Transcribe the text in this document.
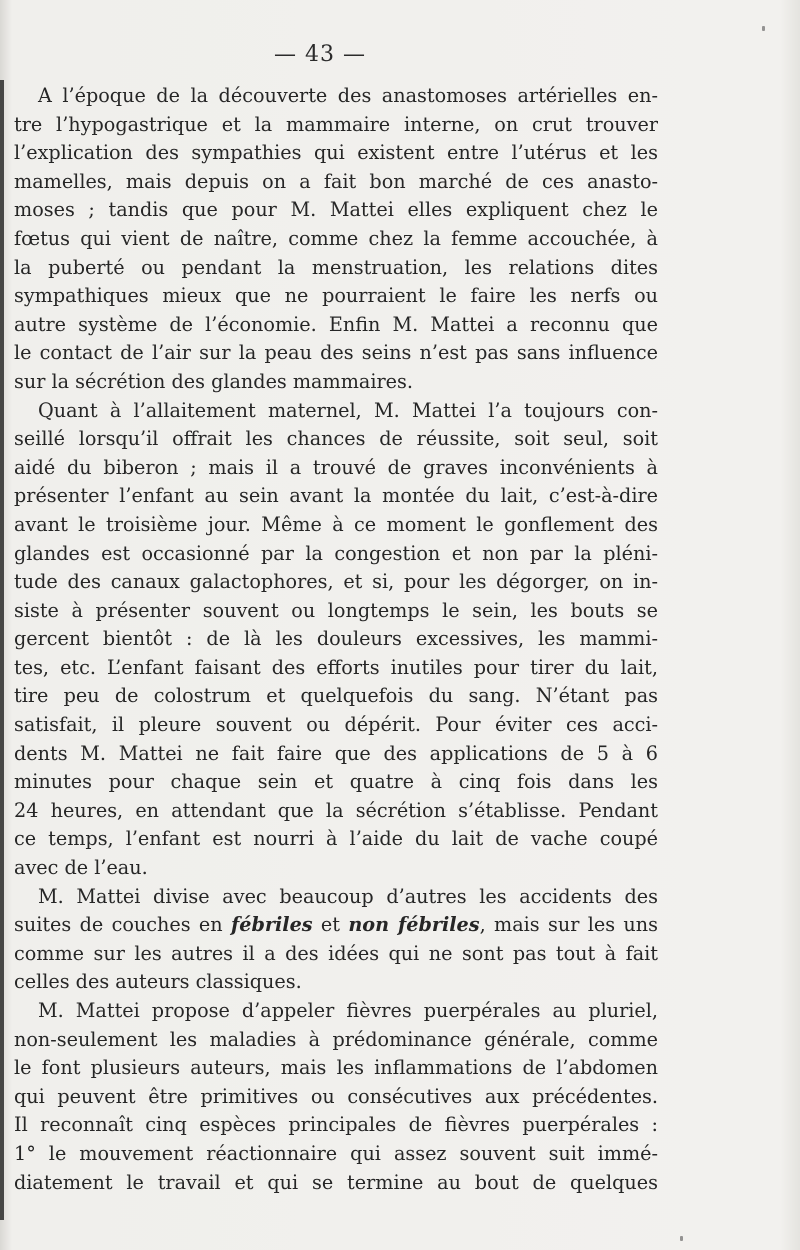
— 43 —
A l’époque de la découverte des anastomoses artérielles en-
tre l’hypogastrique et la mammaire interne, on crut trouver
l’explication des sympathies qui existent entre l’utérus et les
mamelles, mais depuis on a fait bon marché de ces anasto-
moses ; tandis que pour M. Mattei elles expliquent chez le
fœtus qui vient de naître, comme chez la femme accouchée, à
la puberté ou pendant la menstruation, les relations dites
sympathiques mieux que ne pourraient le faire les nerfs ou
autre système de l’économie. Enfin M. Mattei a reconnu que
le contact de l’air sur la peau des seins n’est pas sans influence
sur la sécrétion des glandes mammaires.
Quant à l’allaitement maternel, M. Mattei l’a toujours con-
seillé lorsqu’il offrait les chances de réussite, soit seul, soit
aidé du biberon ; mais il a trouvé de graves inconvénients à
présenter l’enfant au sein avant la montée du lait, c’est-à-dire
avant le troisième jour. Même à ce moment le gonflement des
glandes est occasionné par la congestion et non par la pléni-
tude des canaux galactophores, et si, pour les dégorger, on in-
siste à présenter souvent ou longtemps le sein, les bouts se
gercent bientôt : de là les douleurs excessives, les mammi-
tes, etc. L’enfant faisant des efforts inutiles pour tirer du lait,
tire peu de colostrum et quelquefois du sang. N’étant pas
satisfait, il pleure souvent ou dépérit. Pour éviter ces acci-
dents M. Mattei ne fait faire que des applications de 5 à 6
minutes pour chaque sein et quatre à cinq fois dans les
24 heures, en attendant que la sécrétion s’établisse. Pendant
ce temps, l’enfant est nourri à l’aide du lait de vache coupé
avec de l’eau.
M. Mattei divise avec beaucoup d’autres les accidents des
suites de couches en fébriles et non fébriles, mais sur les uns
comme sur les autres il a des idées qui ne sont pas tout à fait
celles des auteurs classiques.
M. Mattei propose d’appeler fièvres puerpérales au pluriel,
non-seulement les maladies à prédominance générale, comme
le font plusieurs auteurs, mais les inflammations de l’abdomen
qui peuvent être primitives ou consécutives aux précédentes.
Il reconnaît cinq espèces principales de fièvres puerpérales :
1° le mouvement réactionnaire qui assez souvent suit immé-
diatement le travail et qui se termine au bout de quelques
